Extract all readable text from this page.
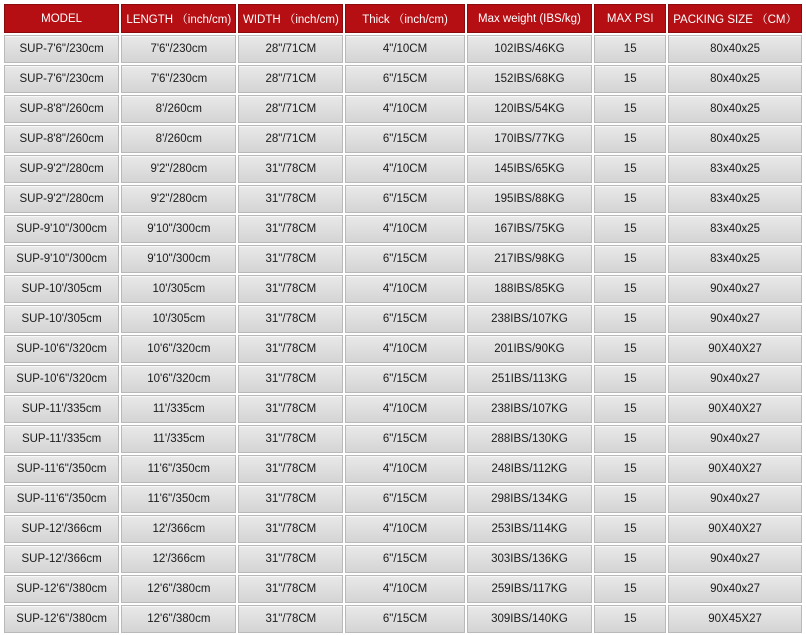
MODEL	LENGTH （inch/cm)	WIDTH （inch/cm)	Thick （inch/cm)	Max weight (IBS/kg)	MAX PSI	PACKING SIZE （CM）
SUP-7'6"/230cm	7'6"/230cm	28"/71CM	4"/10CM	102IBS/46KG	15	80x40x25
SUP-7'6"/230cm	7'6"/230cm	28"/71CM	6"/15CM	152IBS/68KG	15	80x40x25
SUP-8'8"/260cm	8'/260cm	28"/71CM	4"/10CM	120IBS/54KG	15	80x40x25
SUP-8'8"/260cm	8'/260cm	28"/71CM	6"/15CM	170IBS/77KG	15	80x40x25
SUP-9'2"/280cm	9'2"/280cm	31"/78CM	4"/10CM	145IBS/65KG	15	83x40x25
SUP-9'2"/280cm	9'2"/280cm	31"/78CM	6"/15CM	195IBS/88KG	15	83x40x25
SUP-9'10"/300cm	9'10"/300cm	31"/78CM	4"/10CM	167IBS/75KG	15	83x40x25
SUP-9'10"/300cm	9'10"/300cm	31"/78CM	6"/15CM	217IBS/98KG	15	83x40x25
SUP-10'/305cm	10'/305cm	31"/78CM	4"/10CM	188IBS/85KG	15	90x40x27
SUP-10'/305cm	10'/305cm	31"/78CM	6"/15CM	238IBS/107KG	15	90x40x27
SUP-10'6"/320cm	10'6"/320cm	31"/78CM	4"/10CM	201IBS/90KG	15	90X40X27
SUP-10'6"/320cm	10'6"/320cm	31"/78CM	6"/15CM	251IBS/113KG	15	90x40x27
SUP-11'/335cm	11'/335cm	31"/78CM	4"/10CM	238IBS/107KG	15	90X40X27
SUP-11'/335cm	11'/335cm	31"/78CM	6"/15CM	288IBS/130KG	15	90x40x27
SUP-11'6"/350cm	11'6"/350cm	31"/78CM	4"/10CM	248IBS/112KG	15	90X40X27
SUP-11'6"/350cm	11'6"/350cm	31"/78CM	6"/15CM	298IBS/134KG	15	90x40x27
SUP-12'/366cm	12'/366cm	31"/78CM	4"/10CM	253IBS/114KG	15	90X40X27
SUP-12'/366cm	12'/366cm	31"/78CM	6"/15CM	303IBS/136KG	15	90x40x27
SUP-12'6"/380cm	12'6"/380cm	31"/78CM	4"/10CM	259IBS/117KG	15	90x40x27
SUP-12'6"/380cm	12'6"/380cm	31"/78CM	6"/15CM	309IBS/140KG	15	90X45X27
